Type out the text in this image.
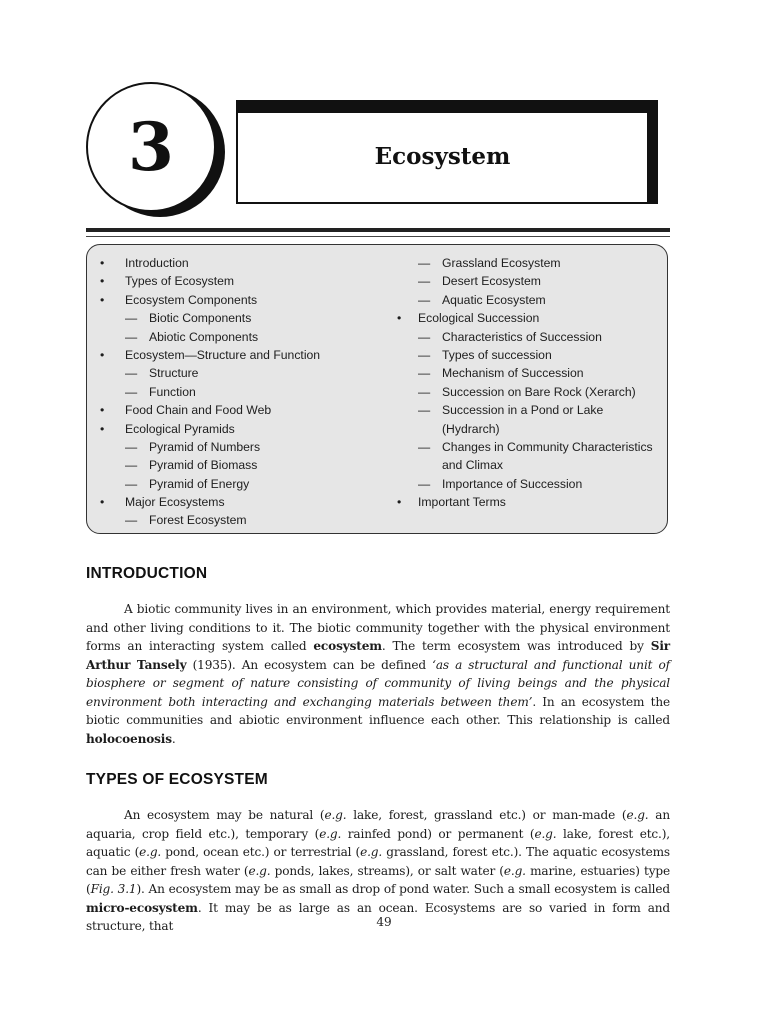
3	Ecosystem
• Introduction
• Types of Ecosystem
• Ecosystem Components
— Biotic Components
— Abiotic Components
• Ecosystem—Structure and Function
— Structure
— Function
• Food Chain and Food Web
• Ecological Pyramids
— Pyramid of Numbers
— Pyramid of Biomass
— Pyramid of Energy
• Major Ecosystems
— Forest Ecosystem
— Grassland Ecosystem
— Desert Ecosystem
— Aquatic Ecosystem
• Ecological Succession
— Characteristics of Succession
— Types of succession
— Mechanism of Succession
— Succession on Bare Rock (Xerarch)
— Succession in a Pond or Lake
(Hydrarch)
— Changes in Community Characteristics
and Climax
— Importance of Succession
• Important Terms
INTRODUCTION

A biotic community lives in an environment, which provides material, energy requirement and other living conditions to it. The biotic community together with the physical environment forms an interacting system called ecosystem. The term ecosystem was introduced by Sir Arthur Tansely (1935). An ecosystem can be defined ‘as a structural and functional unit of biosphere or segment of nature consisting of community of living beings and the physical environment both interacting and exchanging materials between them’. In an ecosystem the biotic communities and abiotic environment influence each other. This relationship is called holocoenosis.

TYPES OF ECOSYSTEM

An ecosystem may be natural (e.g. lake, forest, grassland etc.) or man-made (e.g. an aquaria, crop field etc.), temporary (e.g. rainfed pond) or permanent (e.g. lake, forest etc.), aquatic (e.g. pond, ocean etc.) or terrestrial (e.g. grassland, forest etc.). The aquatic ecosystems can be either fresh water (e.g. ponds, lakes, streams), or salt water (e.g. marine, estuaries) type (Fig. 3.1). An ecosystem may be as small as drop of pond water. Such a small ecosystem is called micro-ecosystem. It may be as large as an ocean. Ecosystems are so varied in form and structure, that	49
